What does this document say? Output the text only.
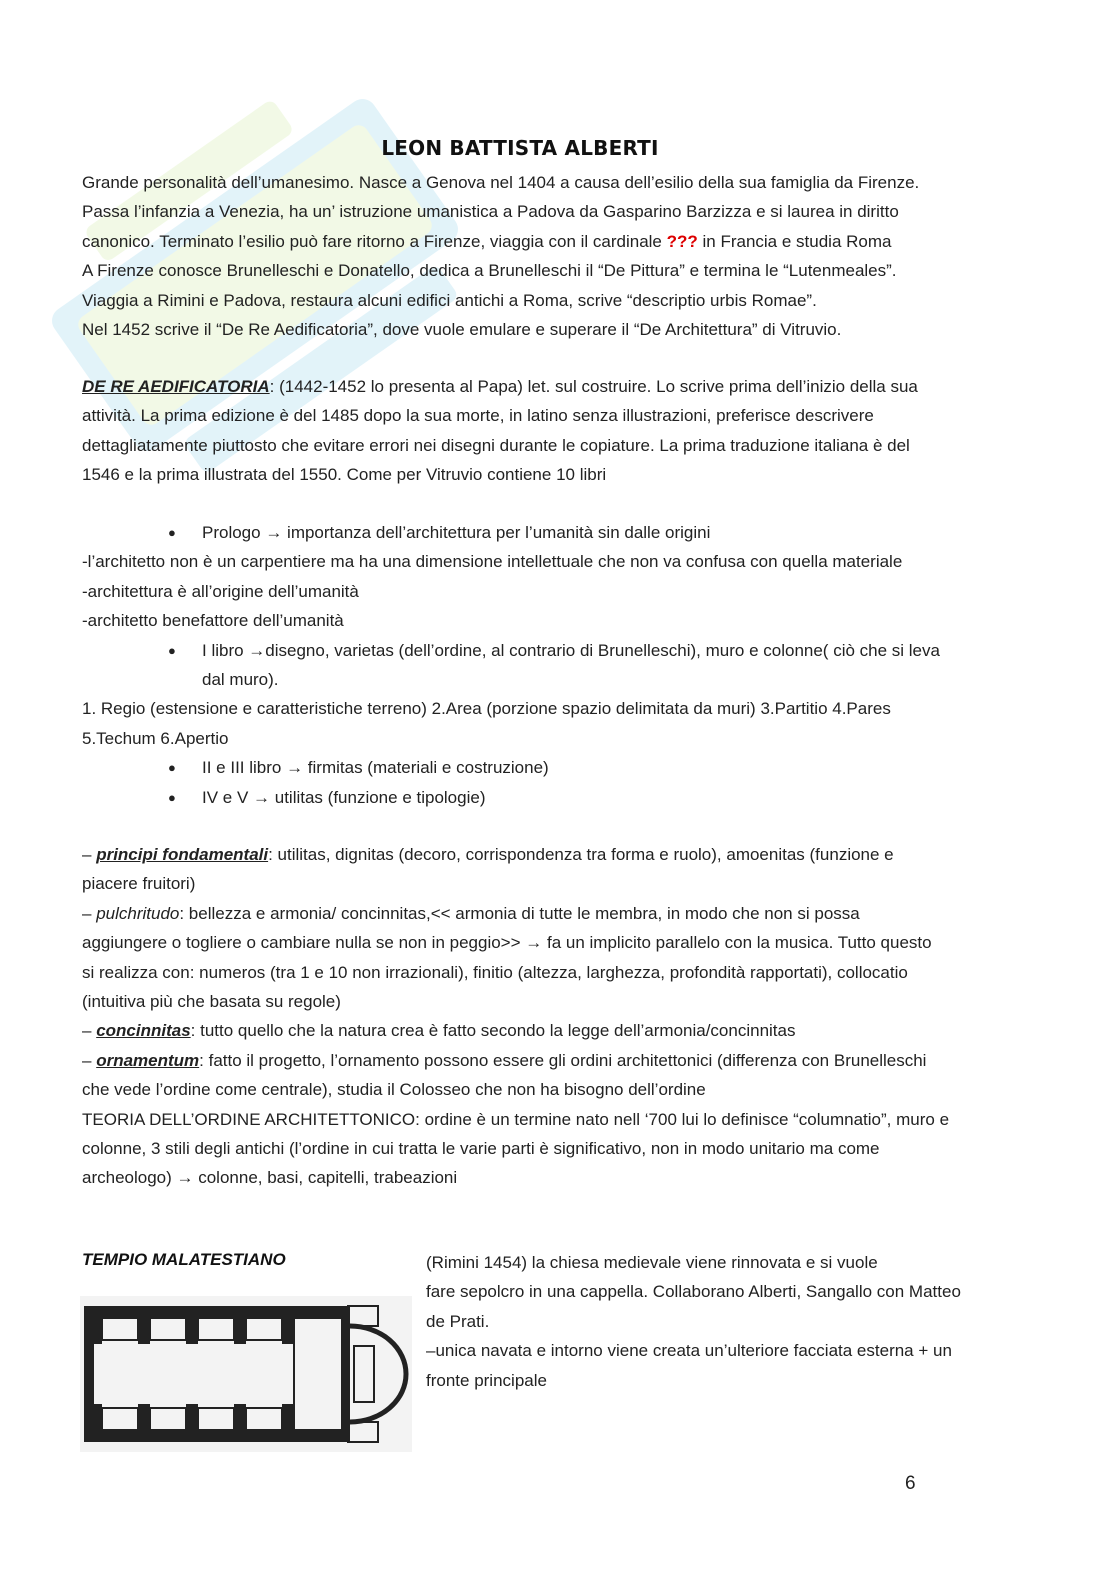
LEON BATTISTA ALBERTI
Grande personalità dell’umanesimo. Nasce a Genova nel 1404 a causa dell’esilio della sua famiglia da Firenze.
Passa l’infanzia a Venezia, ha un’ istruzione umanistica a Padova da Gasparino Barzizza e si laurea in diritto
canonico. Terminato l’esilio può fare ritorno a Firenze, viaggia con il cardinale ??? in Francia e studia Roma
A Firenze conosce Brunelleschi e Donatello, dedica a Brunelleschi il “De Pittura” e termina le “Lutenmeales”.
Viaggia a Rimini e Padova, restaura alcuni edifici antichi a Roma, scrive “descriptio urbis Romae”.
Nel 1452 scrive il “De Re Aedificatoria”, dove vuole emulare e superare il “De Architettura” di Vitruvio.
DE RE AEDIFICATORIA: (1442-1452 lo presenta al Papa) let. sul costruire. Lo scrive prima dell’inizio della sua
attività. La prima edizione è del 1485 dopo la sua morte, in latino senza illustrazioni, preferisce descrivere
dettagliatamente piuttosto che evitare errori nei disegni durante le copiature. La prima traduzione italiana è del
1546 e la prima illustrata del 1550. Come per Vitruvio contiene 10 libri
● Prologo → importanza dell’architettura per l’umanità sin dalle origini
-l’architetto non è un carpentiere ma ha una dimensione intellettuale che non va confusa con quella materiale
-architettura è all’origine dell’umanità
-architetto benefattore dell’umanità
● I libro →disegno, varietas (dell’ordine, al contrario di Brunelleschi), muro e colonne( ciò che si leva
dal muro).
1. Regio (estensione e caratteristiche terreno) 2.Area (porzione spazio delimitata da muri) 3.Partitio 4.Pares
5.Techum 6.Apertio
● II e III libro → firmitas (materiali e costruzione)
● IV e V → utilitas (funzione e tipologie)
– principi fondamentali: utilitas, dignitas (decoro, corrispondenza tra forma e ruolo), amoenitas (funzione e
piacere fruitori)
– pulchritudo: bellezza e armonia/ concinnitas,<< armonia di tutte le membra, in modo che non si possa
aggiungere o togliere o cambiare nulla se non in peggio>> → fa un implicito parallelo con la musica. Tutto questo
si realizza con: numeros (tra 1 e 10 non irrazionali), finitio (altezza, larghezza, profondità rapportati), collocatio
(intuitiva più che basata su regole)
– concinnitas: tutto quello che la natura crea è fatto secondo la legge dell’armonia/concinnitas
– ornamentum: fatto il progetto, l’ornamento possono essere gli ordini architettonici (differenza con Brunelleschi
che vede l’ordine come centrale), studia il Colosseo che non ha bisogno dell’ordine
TEORIA DELL’ORDINE ARCHITETTONICO: ordine è un termine nato nell ‘700 lui lo definisce “columnatio”, muro e
colonne, 3 stili degli antichi (l’ordine in cui tratta le varie parti è significativo, non in modo unitario ma come
archeologo) → colonne, basi, capitelli, trabeazioni
TEMPIO MALATESTIANO	(Rimini 1454) la chiesa medievale viene rinnovata e si vuole
fare sepolcro in una cappella. Collaborano Alberti, Sangallo con Matteo
de Prati.
–unica navata e intorno viene creata un’ulteriore facciata esterna + un
fronte principale
6
